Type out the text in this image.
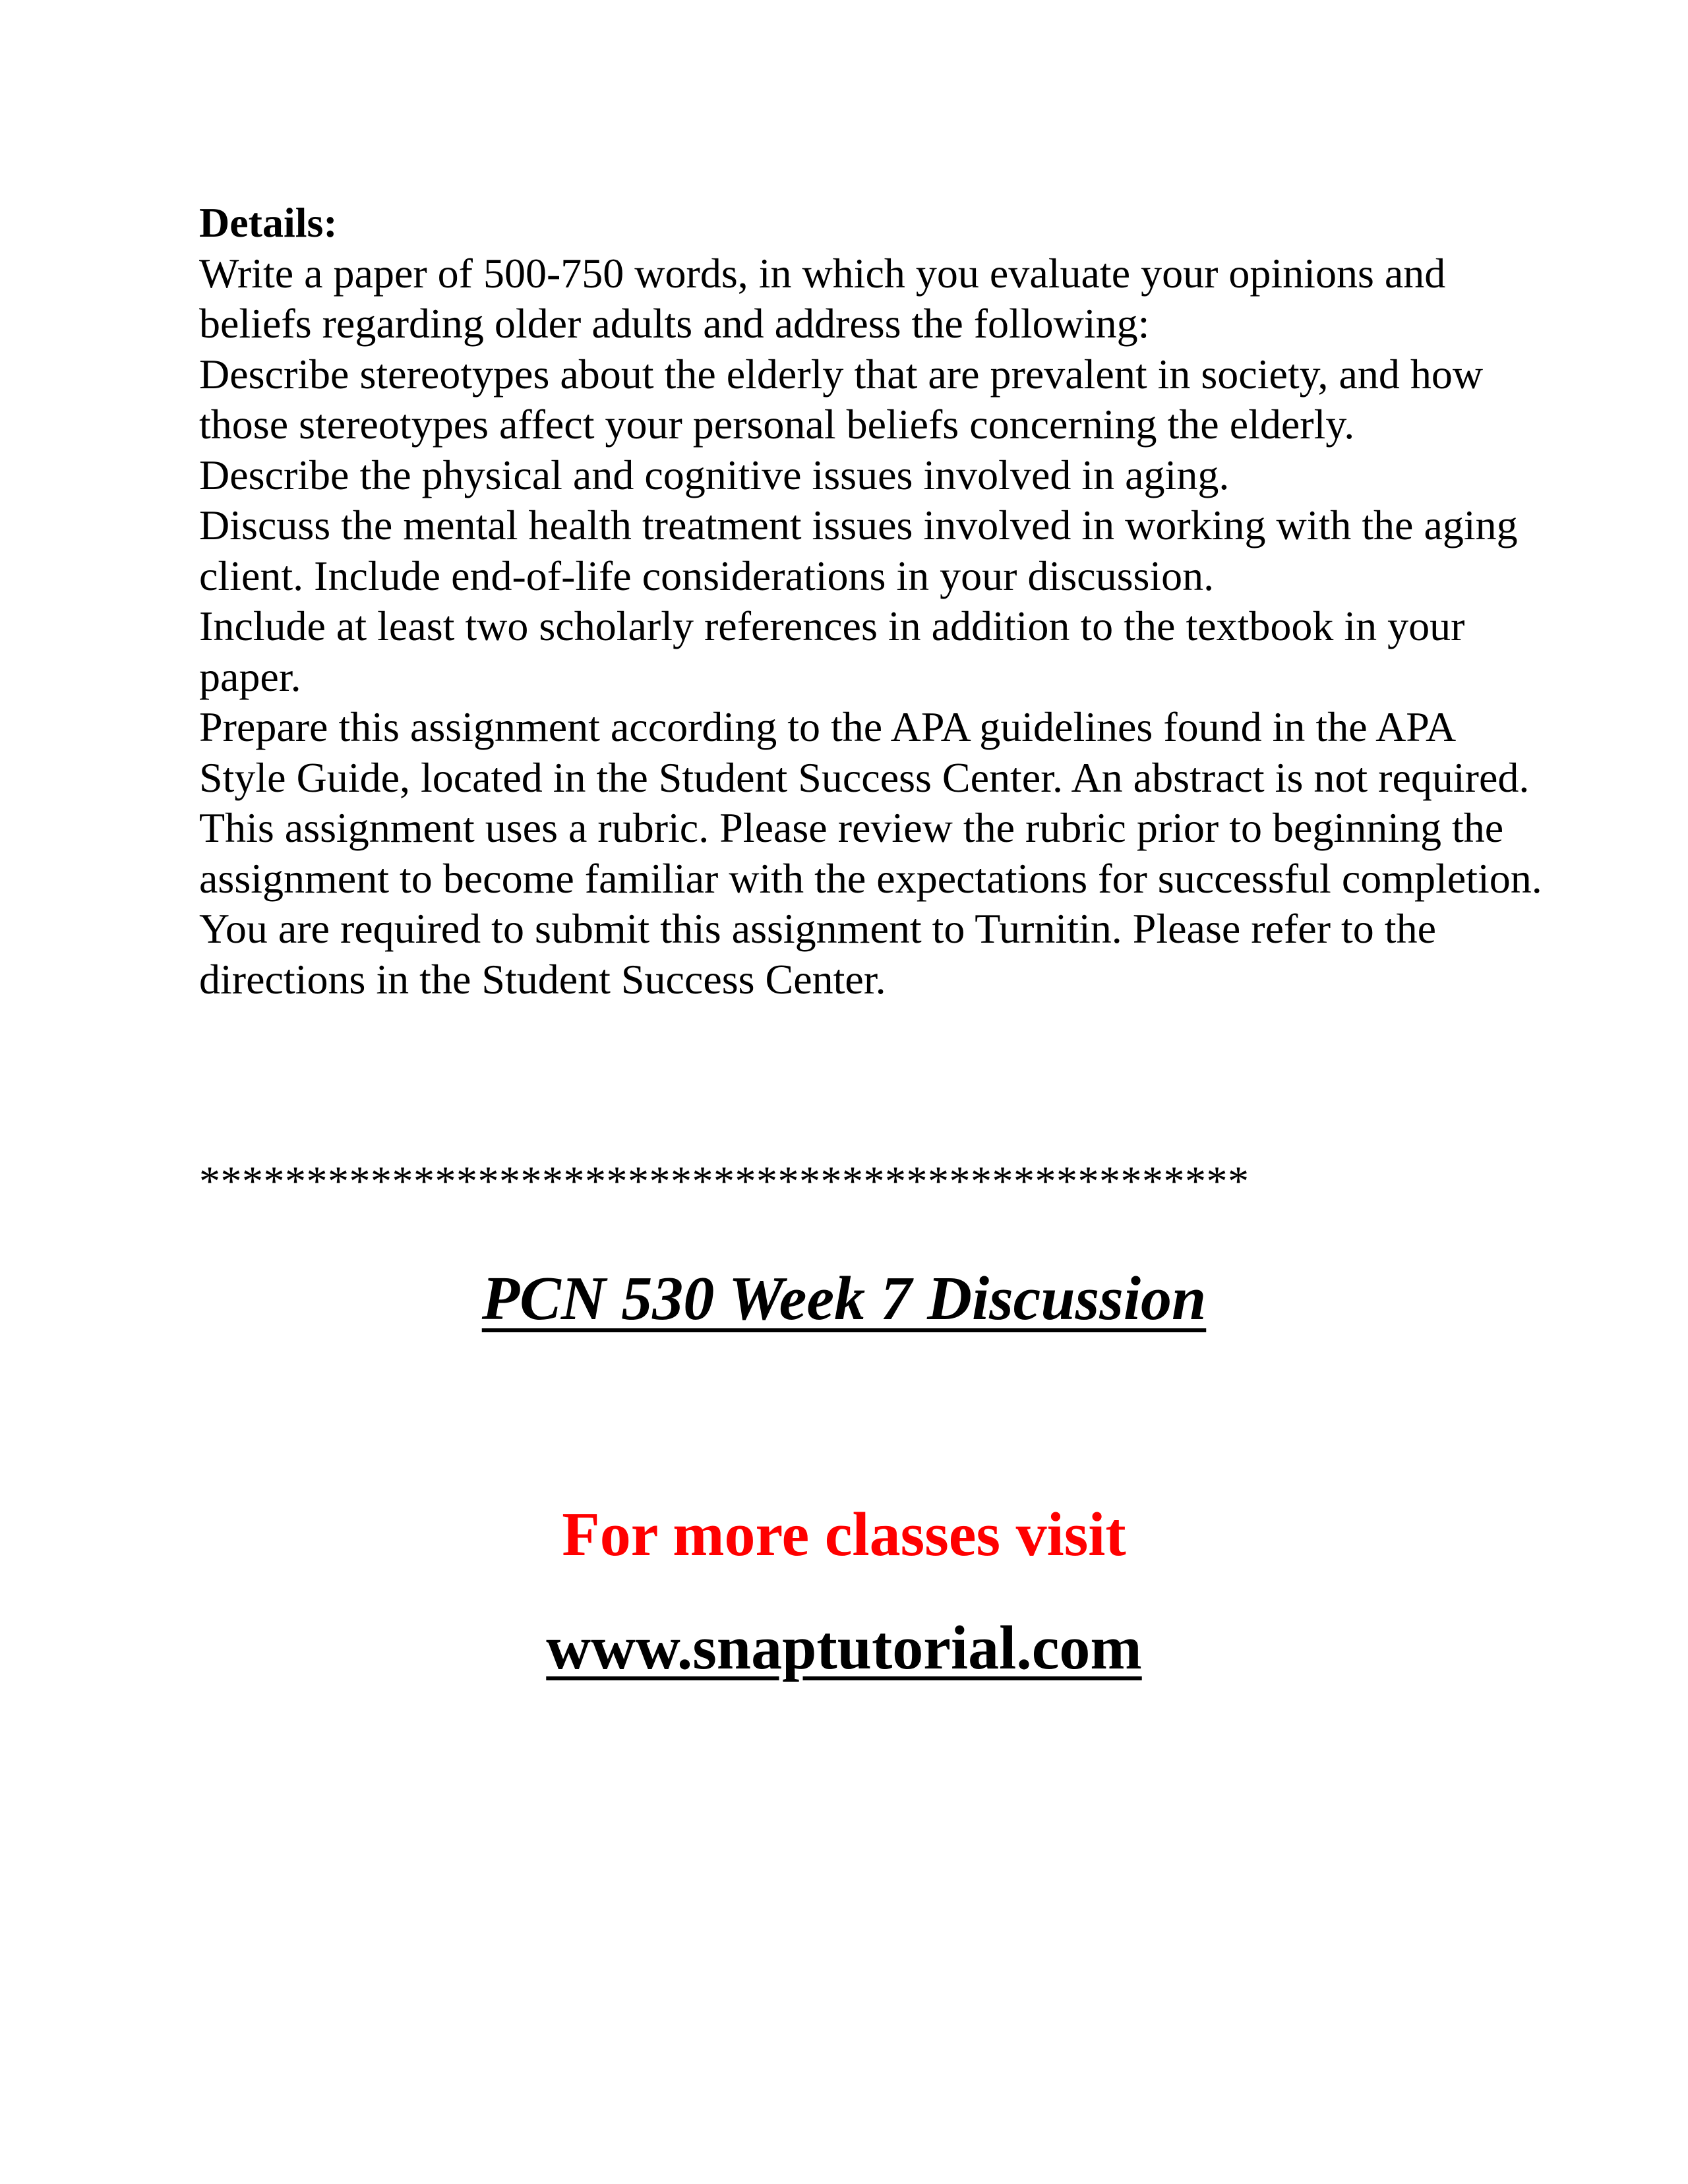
Details:

Write a paper of 500-750 words, in which you evaluate your opinions and beliefs regarding older adults and address the following:

Describe stereotypes about the elderly that are prevalent in society, and how those stereotypes affect your personal beliefs concerning the elderly.

Describe the physical and cognitive issues involved in aging.

Discuss the mental health treatment issues involved in working with the aging client. Include end-of-life considerations in your discussion.

Include at least two scholarly references in addition to the textbook in your paper.

Prepare this assignment according to the APA guidelines found in the APA Style Guide, located in the Student Success Center. An abstract is not required.

This assignment uses a rubric. Please review the rubric prior to beginning the assignment to become familiar with the expectations for successful completion.

You are required to submit this assignment to Turnitin. Please refer to the directions in the Student Success Center.

*************************************************
PCN 530 Week 7 Discussion
For more classes visit
www.snaptutorial.com
